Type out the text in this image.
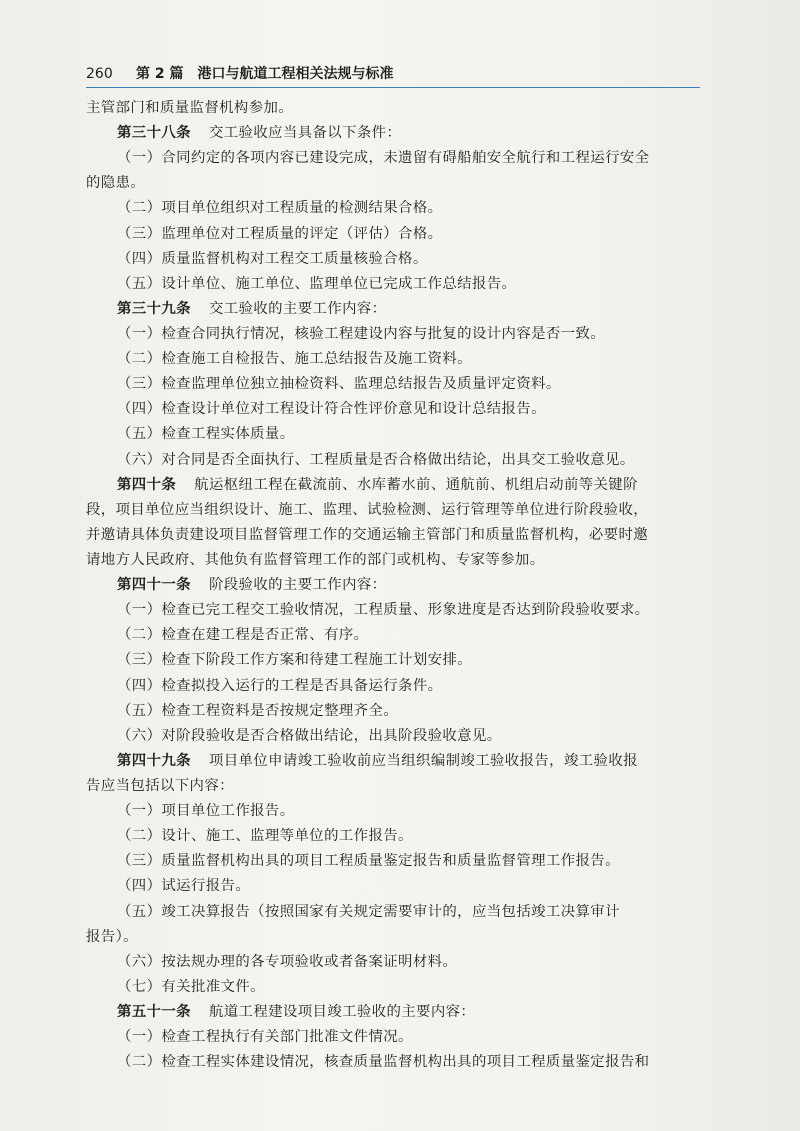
260 第 2 篇 港口与航道工程相关法规与标准
主管部门和质量监督机构参加。
第三十八条 交工验收应当具备以下条件：
（一）合同约定的各项内容已建设完成，未遗留有碍船舶安全航行和工程运行安全
的隐患。
（二）项目单位组织对工程质量的检测结果合格。
（三）监理单位对工程质量的评定（评估）合格。
（四）质量监督机构对工程交工质量核验合格。
（五）设计单位、施工单位、监理单位已完成工作总结报告。
第三十九条 交工验收的主要工作内容：
（一）检查合同执行情况，核验工程建设内容与批复的设计内容是否一致。
（二）检查施工自检报告、施工总结报告及施工资料。
（三）检查监理单位独立抽检资料、监理总结报告及质量评定资料。
（四）检查设计单位对工程设计符合性评价意见和设计总结报告。
（五）检查工程实体质量。
（六）对合同是否全面执行、工程质量是否合格做出结论，出具交工验收意见。
第四十条 航运枢纽工程在截流前、水库蓄水前、通航前、机组启动前等关键阶
段，项目单位应当组织设计、施工、监理、试验检测、运行管理等单位进行阶段验收，
并邀请具体负责建设项目监督管理工作的交通运输主管部门和质量监督机构，必要时邀
请地方人民政府、其他负有监督管理工作的部门或机构、专家等参加。
第四十一条 阶段验收的主要工作内容：
（一）检查已完工程交工验收情况，工程质量、形象进度是否达到阶段验收要求。
（二）检查在建工程是否正常、有序。
（三）检查下阶段工作方案和待建工程施工计划安排。
（四）检查拟投入运行的工程是否具备运行条件。
（五）检查工程资料是否按规定整理齐全。
（六）对阶段验收是否合格做出结论，出具阶段验收意见。
第四十九条 项目单位申请竣工验收前应当组织编制竣工验收报告，竣工验收报
告应当包括以下内容：
（一）项目单位工作报告。
（二）设计、施工、监理等单位的工作报告。
（三）质量监督机构出具的项目工程质量鉴定报告和质量监督管理工作报告。
（四）试运行报告。
（五）竣工决算报告（按照国家有关规定需要审计的，应当包括竣工决算审计
报告）。
（六）按法规办理的各专项验收或者备案证明材料。
（七）有关批准文件。
第五十一条 航道工程建设项目竣工验收的主要内容：
（一）检查工程执行有关部门批准文件情况。
（二）检查工程实体建设情况，核查质量监督机构出具的项目工程质量鉴定报告和
